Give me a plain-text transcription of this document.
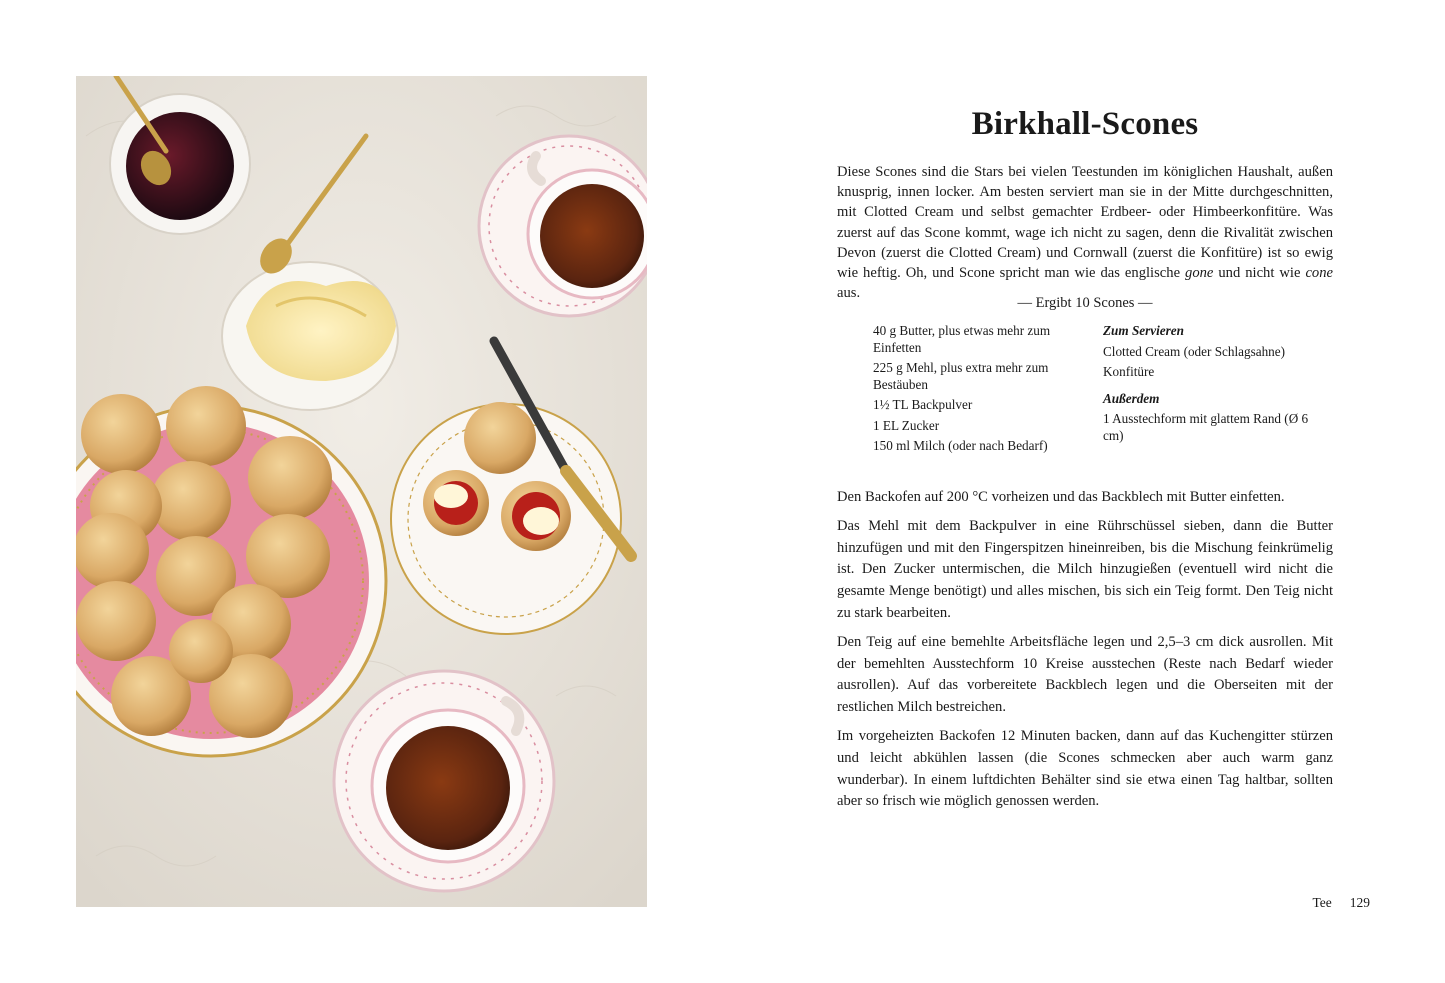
Birkhall-Scones

Diese Scones sind die Stars bei vielen Teestunden im königlichen Haushalt, außen knusprig, innen locker. Am besten serviert man sie in der Mitte durchgeschnitten, mit Clotted Cream und selbst gemachter Erdbeer- oder Himbeerkonfitüre. Was zuerst auf das Scone kommt, wage ich nicht zu sagen, denn die Rivalität zwischen Devon (zuerst die Clotted Cream) und Cornwall (zuerst die Konfitüre) ist so ewig wie heftig. Oh, und Scone spricht man wie das englische gone und nicht wie cone aus.

— Ergibt 10 Scones —

40 g Butter, plus etwas mehr zum Einfetten

225 g Mehl, plus extra mehr zum Bestäuben

1½ TL Backpulver

1 EL Zucker

150 ml Milch (oder nach Bedarf)

Zum Servieren

Clotted Cream (oder Schlagsahne)

Konfitüre

Außerdem

1 Ausstechform mit glattem Rand (Ø 6 cm)

Den Backofen auf 200 °C vorheizen und das Backblech mit Butter einfetten.

Das Mehl mit dem Backpulver in eine Rührschüssel sieben, dann die Butter hinzufügen und mit den Fingerspitzen hineinreiben, bis die Mischung feinkrümelig ist. Den Zucker untermischen, die Milch hinzugießen (eventuell wird nicht die gesamte Menge benötigt) und alles mischen, bis sich ein Teig formt. Den Teig nicht zu stark bearbeiten.

Den Teig auf eine bemehlte Arbeitsfläche legen und 2,5–3 cm dick ausrollen. Mit der bemehlten Ausstechform 10 Kreise ausstechen (Reste nach Bedarf wieder ausrollen). Auf das vorbereitete Backblech legen und die Oberseiten mit der restlichen Milch bestreichen.

Im vorgeheizten Backofen 12 Minuten backen, dann auf das Kuchengitter stürzen und leicht abkühlen lassen (die Scones schmecken aber auch warm ganz wunderbar). In einem luftdichten Behälter sind sie etwa einen Tag haltbar, sollten aber so frisch wie möglich genossen werden.

Tee 129
